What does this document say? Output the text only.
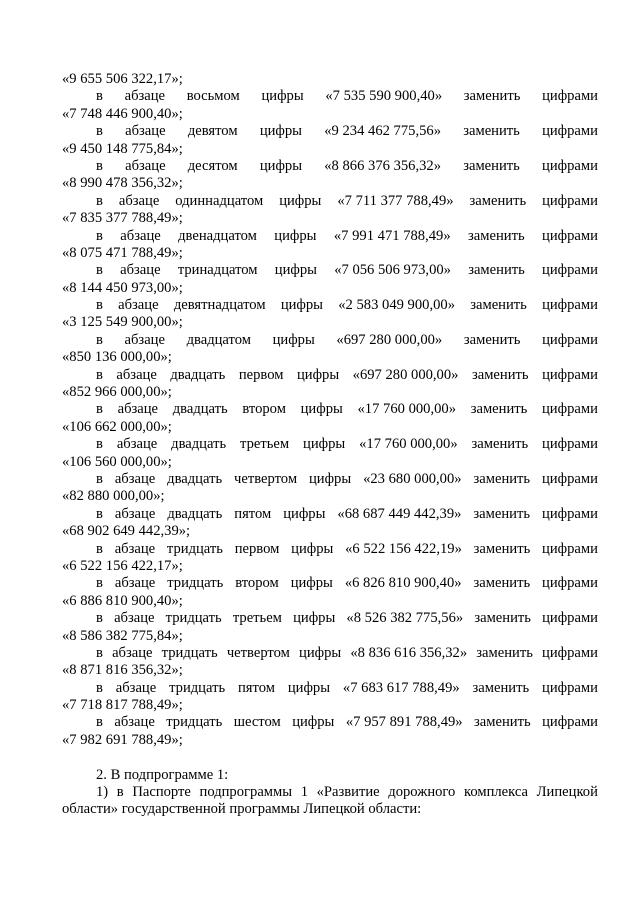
«9 655 506 322,17»;
в абзаце восьмом цифры «7 535 590 900,40» заменить цифрами
«7 748 446 900,40»;
в абзаце девятом цифры «9 234 462 775,56» заменить цифрами
«9 450 148 775,84»;
в абзаце десятом цифры «8 866 376 356,32» заменить цифрами
«8 990 478 356,32»;
в абзаце одиннадцатом цифры «7 711 377 788,49» заменить цифрами
«7 835 377 788,49»;
в абзаце двенадцатом цифры «7 991 471 788,49» заменить цифрами
«8 075 471 788,49»;
в абзаце тринадцатом цифры «7 056 506 973,00» заменить цифрами
«8 144 450 973,00»;
в абзаце девятнадцатом цифры «2 583 049 900,00» заменить цифрами
«3 125 549 900,00»;
в абзаце двадцатом цифры «697 280 000,00» заменить цифрами
«850 136 000,00»;
в абзаце двадцать первом цифры «697 280 000,00» заменить цифрами
«852 966 000,00»;
в абзаце двадцать втором цифры «17 760 000,00» заменить цифрами
«106 662 000,00»;
в абзаце двадцать третьем цифры «17 760 000,00» заменить цифрами
«106 560 000,00»;
в абзаце двадцать четвертом цифры «23 680 000,00» заменить цифрами
«82 880 000,00»;
в абзаце двадцать пятом цифры «68 687 449 442,39» заменить цифрами
«68 902 649 442,39»;
в абзаце тридцать первом цифры «6 522 156 422,19» заменить цифрами
«6 522 156 422,17»;
в абзаце тридцать втором цифры «6 826 810 900,40» заменить цифрами
«6 886 810 900,40»;
в абзаце тридцать третьем цифры «8 526 382 775,56» заменить цифрами
«8 586 382 775,84»;
в абзаце тридцать четвертом цифры «8 836 616 356,32» заменить цифрами
«8 871 816 356,32»;
в абзаце тридцать пятом цифры «7 683 617 788,49» заменить цифрами
«7 718 817 788,49»;
в абзаце тридцать шестом цифры «7 957 891 788,49» заменить цифрами
«7 982 691 788,49»;
2. В подпрограмме 1:
1) в Паспорте подпрограммы 1 «Развитие дорожного комплекса Липецкой
области» государственной программы Липецкой области:
